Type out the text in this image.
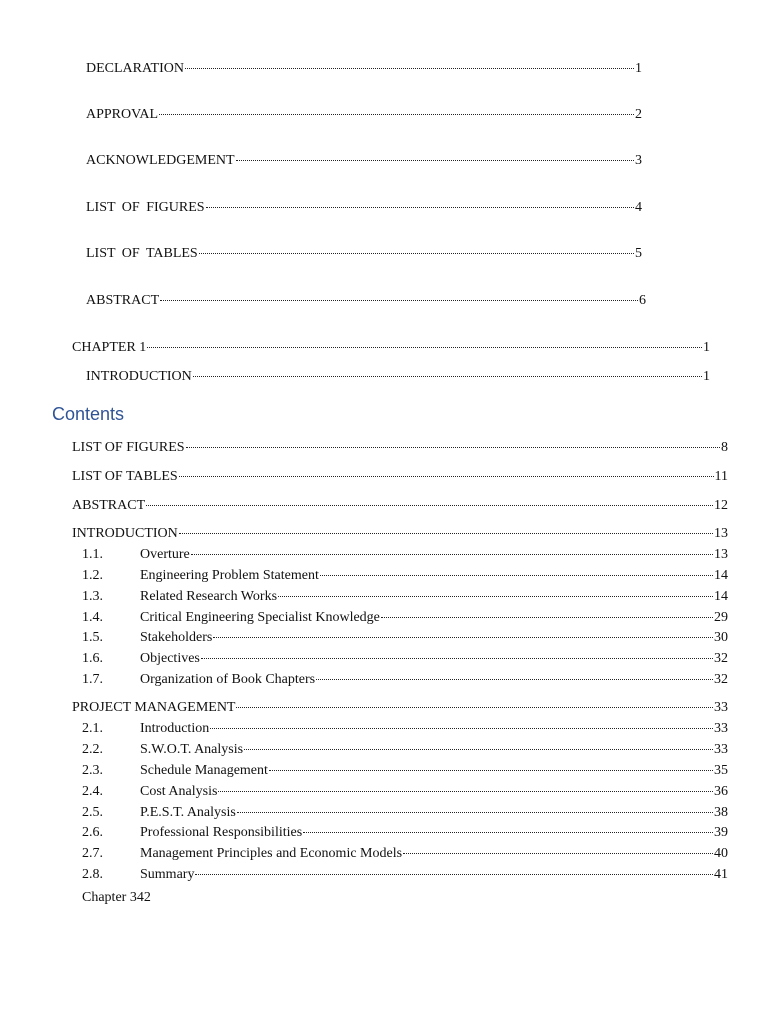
DECLARATION	1
APPROVAL	2
ACKNOWLEDGEMENT	3
LIST OF FIGURES	4
LIST OF TABLES	5
ABSTRACT	6
CHAPTER 1	1
INTRODUCTION	1
Contents
LIST OF FIGURES	8
LIST OF TABLES	11
ABSTRACT	12
INTRODUCTION	13
1.1.	Overture	13
1.2.	Engineering Problem Statement	14
1.3.	Related Research Works	14
1.4.	Critical Engineering Specialist Knowledge	29
1.5.	Stakeholders	30
1.6.	Objectives	32
1.7.	Organization of Book Chapters	32
PROJECT MANAGEMENT	33
2.1.	Introduction	33
2.2.	S.W.O.T. Analysis	33
2.3.	Schedule Management	35
2.4.	Cost Analysis	36
2.5.	P.E.S.T. Analysis	38
2.6.	Professional Responsibilities	39
2.7.	Management Principles and Economic Models	40
2.8.	Summary	41
Chapter 342
